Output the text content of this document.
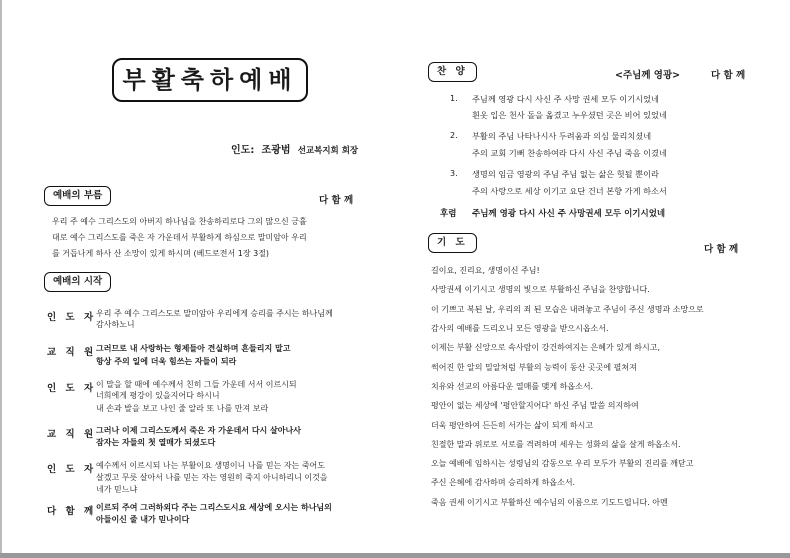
부활축하예배
인도: 조광범 선교복지회 회장
예배의 부름	다 함 께
우리 주 예수 그리스도의 아버지 하나님을 찬송하리로다 그의 많으신 긍휼
대로 예수 그리스도를 죽은 자 가운데서 부활하게 하심으로 말미암아 우리
를 거듭나게 하사 산 소망이 있게 하시며 (베드로전서 1장 3절)
예배의 시작
인 도 자 우리 주 예수 그리스도로 말미암아 우리에게 승리를 주시는 하나님께
감사하노니
교 직 원 그러므로 내 사랑하는 형제들아 견실하며 흔들리지 말고
항상 주의 일에 더욱 힘쓰는 자들이 되라
인 도 자 이 말을 할 때에 예수께서 친히 그들 가운데 서서 이르시되
너희에게 평강이 있을지어다 하시니
내 손과 발을 보고 나인 줄 알라 또 나를 만져 보라
교 직 원 그러나 이제 그리스도께서 죽은 자 가운데서 다시 살아나사
잠자는 자들의 첫 열매가 되셨도다
인 도 자 예수께서 이르시되 나는 부활이요 생명이니 나를 믿는 자는 죽어도
살겠고 무릇 살아서 나를 믿는 자는 영원히 죽지 아니하리니 이것을
네가 믿느냐
다 함 께 이르되 주여 그러하외다 주는 그리스도시요 세상에 오시는 하나님의
아들이신 줄 내가 믿나이다
찬 양	<주님께 영광>	다 함 께
1. 주님께 영광 다시 사신 주 사망 권세 모두 이기시었네
흰옷 입은 천사 돌을 옮겼고 누우셨던 곳은 비어 있었네
2. 부활의 주님 나타나시사 두려움과 의심 물리치셨네
주의 교회 기뻐 찬송하여라 다시 사신 주님 죽음 이겼네
3. 생명의 임금 영광의 주님 주님 없는 삶은 헛될 뿐이라
주의 사랑으로 세상 이기고 요단 건너 본향 가게 하소서
후렴 주님께 영광 다시 사신 주 사망권세 모두 이기시었네
기 도
다 함 께
길이요, 진리요, 생명이신 주님!
사망권세 이기시고 생명의 빛으로 부활하신 주님을 찬양합니다.
이 기쁘고 복된 날, 우리의 죄 된 모습은 내려놓고 주님이 주신 생명과 소망으로
감사의 예배를 드리오니 모든 영광을 받으시옵소서.
이제는 부활 신앙으로 속사람이 강건하여지는 은혜가 있게 하시고,
썩어진 한 알의 밀알처럼 부활의 능력이 동산 곳곳에 펼쳐져
치유와 선교의 아름다운 열매를 맺게 하옵소서.
평안이 없는 세상에 '평안할지어다' 하신 주님 말씀 의지하여
더욱 평안하여 든든히 서가는 삶이 되게 하시고
친절한 말과 위로로 서로를 격려하며 세우는 성화의 삶을 살게 하옵소서.
오늘 예배에 임하시는 성령님의 감동으로 우리 모두가 부활의 진리를 깨닫고
주신 은혜에 감사하며 승리하게 하옵소서.
죽음 권세 이기시고 부활하신 예수님의 이름으로 기도드립니다. 아멘
